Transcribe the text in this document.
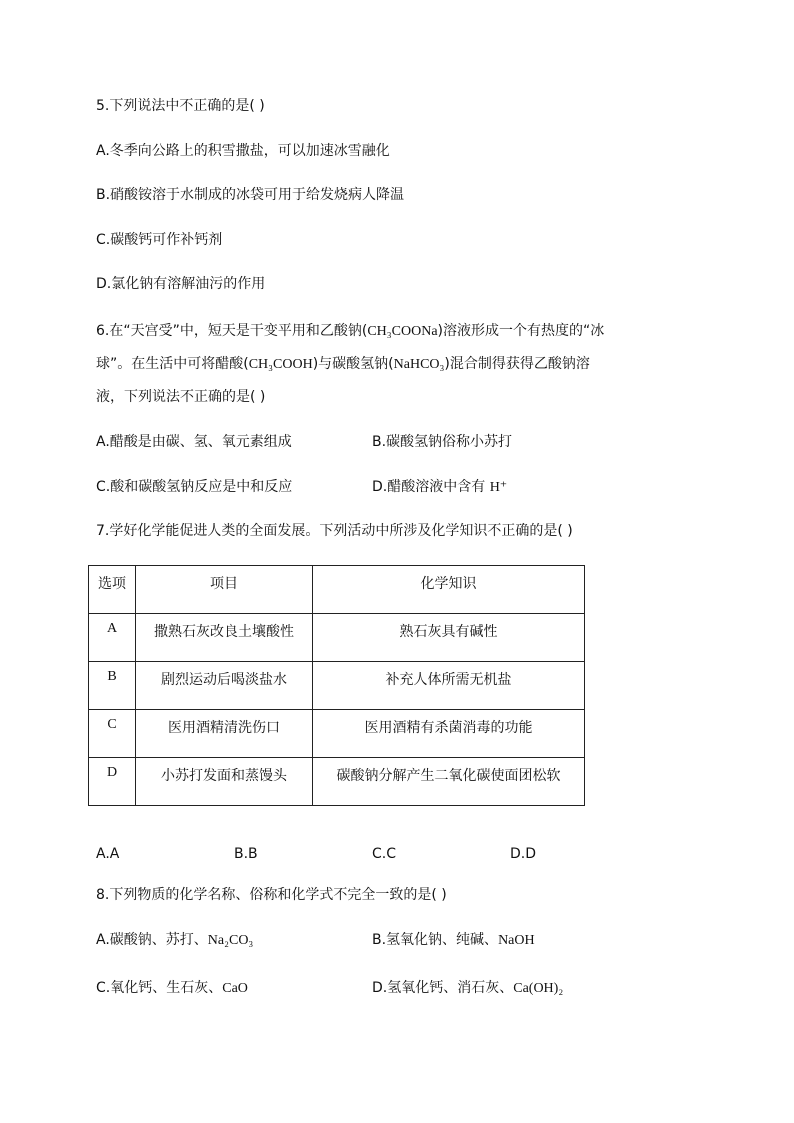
5.下列说法中不正确的是( )
A.冬季向公路上的积雪撒盐，可以加速冰雪融化
B.硝酸铵溶于水制成的冰袋可用于给发烧病人降温
C.碳酸钙可作补钙剂
D.氯化钠有溶解油污的作用
6.在“天宫受”中，短天是干变平用和乙酸钠(CH₃COONa)溶液形成一个有热度的“冰
球”。在生活中可将醋酸(CH₃COOH)与碳酸氢钠(NaHCO₃)混合制得获得乙酸钠溶
液，下列说法不正确的是( )
A.醋酸是由碳、氢、氧元素组成	B.碳酸氢钠俗称小苏打
C.酸和碳酸氢钠反应是中和反应	D.醋酸溶液中含有 H⁺
7.学好化学能促进人类的全面发展。下列活动中所涉及化学知识不正确的是( )
选项	项目	化学知识
A	撒熟石灰改良土壤酸性	熟石灰具有碱性
B	剧烈运动后喝淡盐水	补充人体所需无机盐
C	医用酒精清洗伤口	医用酒精有杀菌消毒的功能
D	小苏打发面和蒸馒头	碳酸钠分解产生二氧化碳使面团松软
A.A	B.B	C.C	D.D
8.下列物质的化学名称、俗称和化学式不完全一致的是( )
A.碳酸钠、苏打、Na₂CO₃	B.氢氧化钠、纯碱、NaOH
C.氧化钙、生石灰、CaO	D.氢氧化钙、消石灰、Ca(OH)₂
